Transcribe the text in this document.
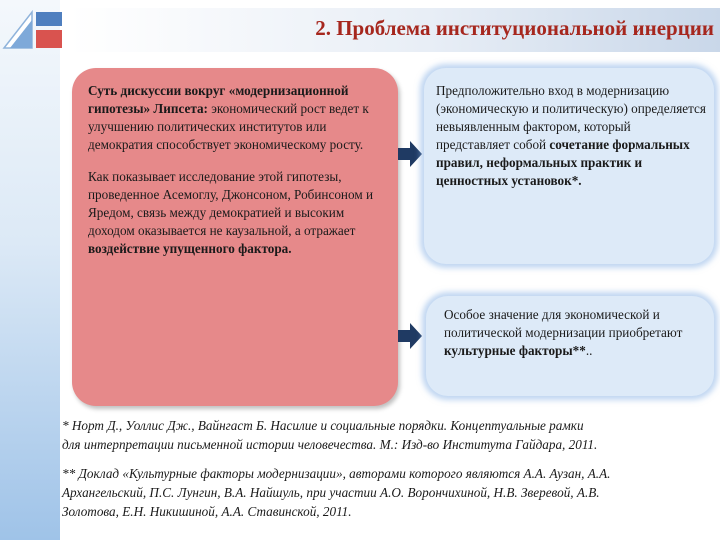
2. Проблема институциональной инерции

Суть дискуссии вокруг «модернизационной гипотезы» Липсета: экономический рост ведет к улучшению политических институтов или демократия способствует экономическому росту.

Как показывает исследование этой гипотезы, проведенное Асемоглу, Джонсоном, Робинсоном и Яредом, связь между демократией и высоким доходом оказывается не каузальной, а отражает воздействие упущенного фактора.

Предположительно вход в модернизацию (экономическую и политическую) определяется невыявленным фактором, который представляет собой сочетание формальных правил, неформальных практик и ценностных установок*.

Особое значение для экономической и политической модернизации приобретают культурные факторы**..

* Норт Д., Уоллис Дж., Вайнгаст Б. Насилие и социальные порядки. Концептуальные рамки
для интерпретации письменной истории человечества. М.: Изд-во Института Гайдара, 2011.

** Доклад «Культурные факторы модернизации», авторами которого являются А.А. Аузан, А.А.
Архангельский, П.С. Лунгин, В.А. Найшуль, при участии А.О. Ворончихиной, Н.В. Зверевой, А.В.
Золотова, Е.Н. Никишиной, А.А. Ставинской, 2011.
